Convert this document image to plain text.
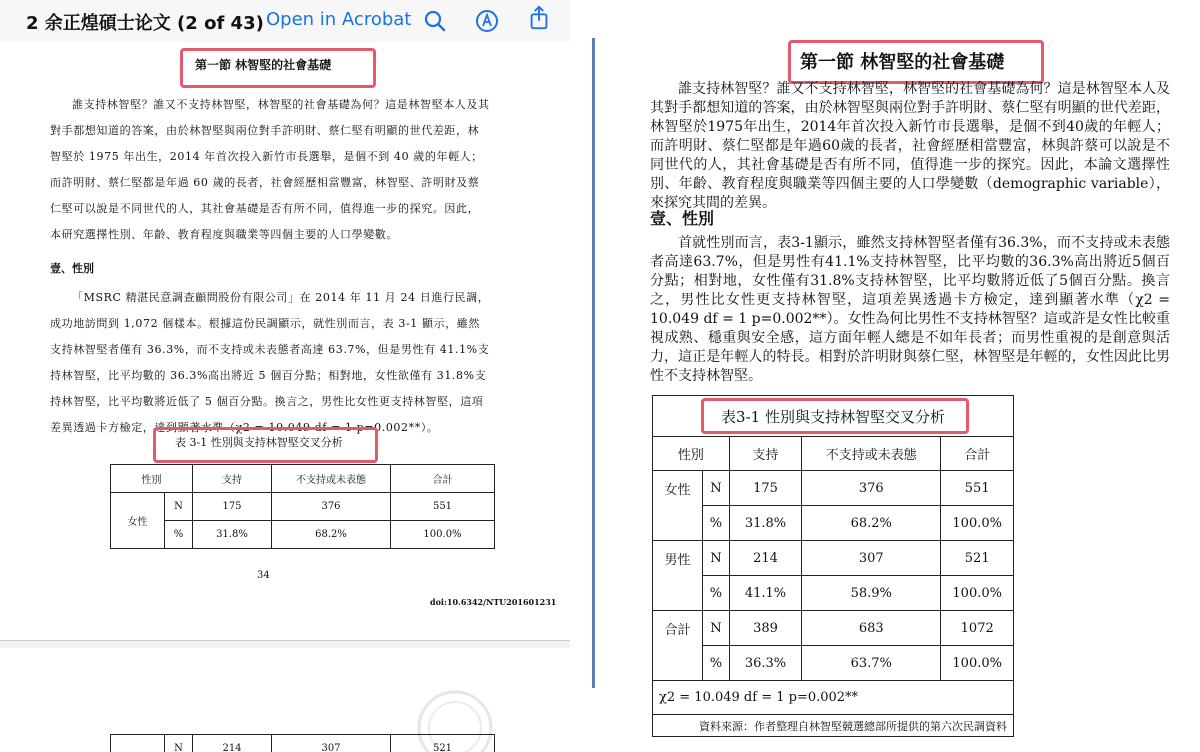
2 余正煌碩士论文 (2 of 43) Open in Acrobat
第一節 林智堅的社會基礎

誰支持林智堅？誰又不支持林智堅，林智堅的社會基礎為何？這是林智堅本人及其對手都想知道的答案，由於林智堅與兩位對手許明財、蔡仁堅有明顯的世代差距，林智堅於 1975 年出生，2014 年首次投入新竹市長選舉，是個不到 40 歲的年輕人；而許明財、蔡仁堅都是年過 60 歲的長者，社會經歷相當豐富，林智堅、許明財及蔡仁堅可以說是不同世代的人，其社會基礎是否有所不同，值得進一步的探究。因此，本研究選擇性別、年齡、教育程度與職業等四個主要的人口學變數。

壹、性別

「MSRC 精湛民意調查顧問股份有限公司」在 2014 年 11 月 24 日進行民調，成功地訪問到 1,072 個樣本。根據這份民調顯示，就性別而言，表 3-1 顯示，雖然支持林智堅者僅有 36.3%，而不支持或未表態者高達 63.7%，但是男性有 41.1%支持林智堅，比平均數的 36.3%高出將近 5 個百分點；相對地，女性欲僅有 31.8%支持林智堅，比平均數將近低了 5 個百分點。換言之，男性比女性更支持林智堅，這項差異透過卡方檢定，達到顯著水準（χ2 = 10.049 df = 1 p=0.002**）。

表 3-1 性別與支持林智堅交叉分析
性別		支持	不支持或未表態	合計
女性	N	175	376	551
	%	31.8%	68.2%	100.0%
34
doi:10.6342/NTU201601231
	N	214	307	521
第一節 林智堅的社會基礎

誰支持林智堅？誰又不支持林智堅，林智堅的社會基礎為何？這是林智堅本人及其對手都想知道的答案，由於林智堅與兩位對手許明財、蔡仁堅有明顯的世代差距，林智堅於1975年出生，2014年首次投入新竹市長選舉，是個不到40歲的年輕人；而許明財、蔡仁堅都是年過60歲的長者，社會經歷相當豐富，林與許蔡可以說是不同世代的人，其社會基礎是否有所不同，值得進一步的探究。因此，本論文選擇性別、年齡、教育程度與職業等四個主要的人口學變數（demographic variable），來探究其間的差異。

壹、性別

首就性別而言，表3-1顯示，雖然支持林智堅者僅有36.3%，而不支持或未表態者高達63.7%，但是男性有41.1%支持林智堅，比平均數的36.3%高出將近5個百分點；相對地，女性僅有31.8%支持林智堅，比平均數將近低了5個百分點。換言之，男性比女性更支持林智堅，這項差異透過卡方檢定，達到顯著水準（χ2 = 10.049 df = 1 p=0.002**）。女性為何比男性不支持林智堅？這或許是女性比較重視成熟、穩重與安全感，這方面年輕人總是不如年長者；而男性重視的是創意與活力，這正是年輕人的特長。相對於許明財與蔡仁堅，林智堅是年輕的，女性因此比男性不支持林智堅。

表3-1 性別與支持林智堅交叉分析				
性別		支持	不支持或未表態	合計
女性	N	175	376	551
	%	31.8%	68.2%	100.0%
男性	N	214	307	521
	%	41.1%	58.9%	100.0%
合計	N	389	683	1072
	%	36.3%	63.7%	100.0%
χ2 = 10.049 df = 1 p=0.002**				
資料來源：作者整理自林智堅競選總部所提供的第六次民調資料				
